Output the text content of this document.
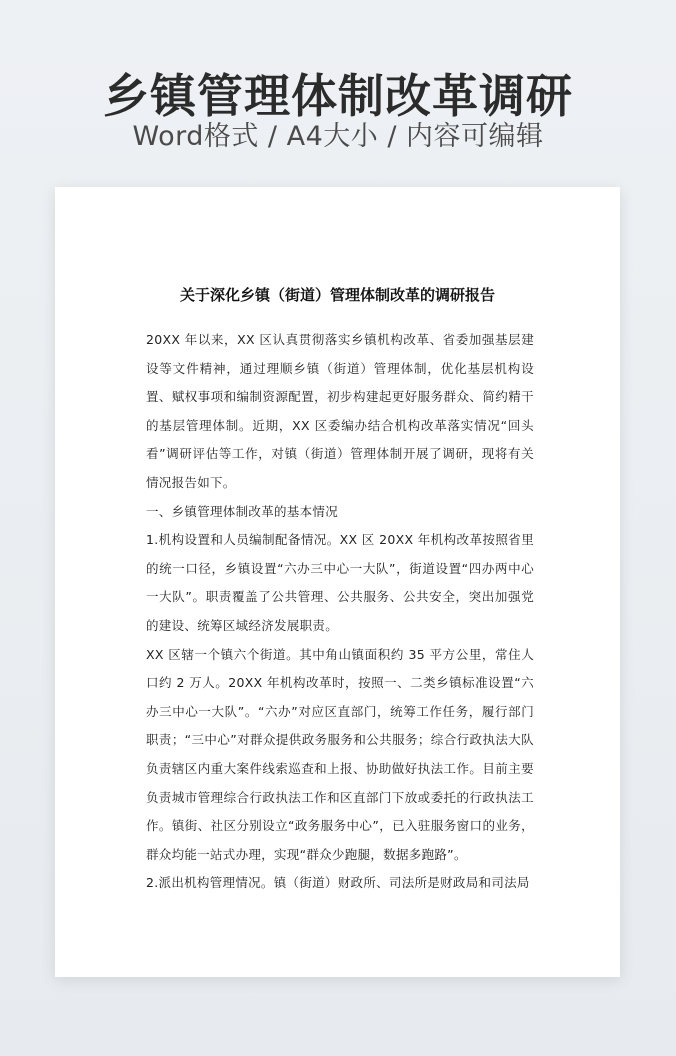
乡镇管理体制改革调研
Word格式 / A4大小 / 内容可编辑
关于深化乡镇（街道）管理体制改革的调研报告

20XX 年以来，XX 区认真贯彻落实乡镇机构改革、省委加强基层建设等文件精神，通过理顺乡镇（街道）管理体制，优化基层机构设置、赋权事项和编制资源配置，初步构建起更好服务群众、简约精干的基层管理体制。近期，XX 区委编办结合机构改革落实情况“回头看”调研评估等工作，对镇（街道）管理体制开展了调研，现将有关情况报告如下。

一、乡镇管理体制改革的基本情况

1.机构设置和人员编制配备情况。XX 区 20XX 年机构改革按照省里的统一口径，乡镇设置“六办三中心一大队”，街道设置“四办两中心一大队”。职责覆盖了公共管理、公共服务、公共安全，突出加强党的建设、统筹区域经济发展职责。

XX 区辖一个镇六个街道。其中角山镇面积约 35 平方公里，常住人口约 2 万人。20XX 年机构改革时，按照一、二类乡镇标准设置“六办三中心一大队”。“六办”对应区直部门，统筹工作任务，履行部门职责；“三中心”对群众提供政务服务和公共服务；综合行政执法大队负责辖区内重大案件线索巡查和上报、协助做好执法工作。目前主要负责城市管理综合行政执法工作和区直部门下放或委托的行政执法工作。镇街、社区分别设立“政务服务中心”，已入驻服务窗口的业务，群众均能一站式办理，实现“群众少跑腿，数据多跑路”。

2.派出机构管理情况。镇（街道）财政所、司法所是财政局和司法局
